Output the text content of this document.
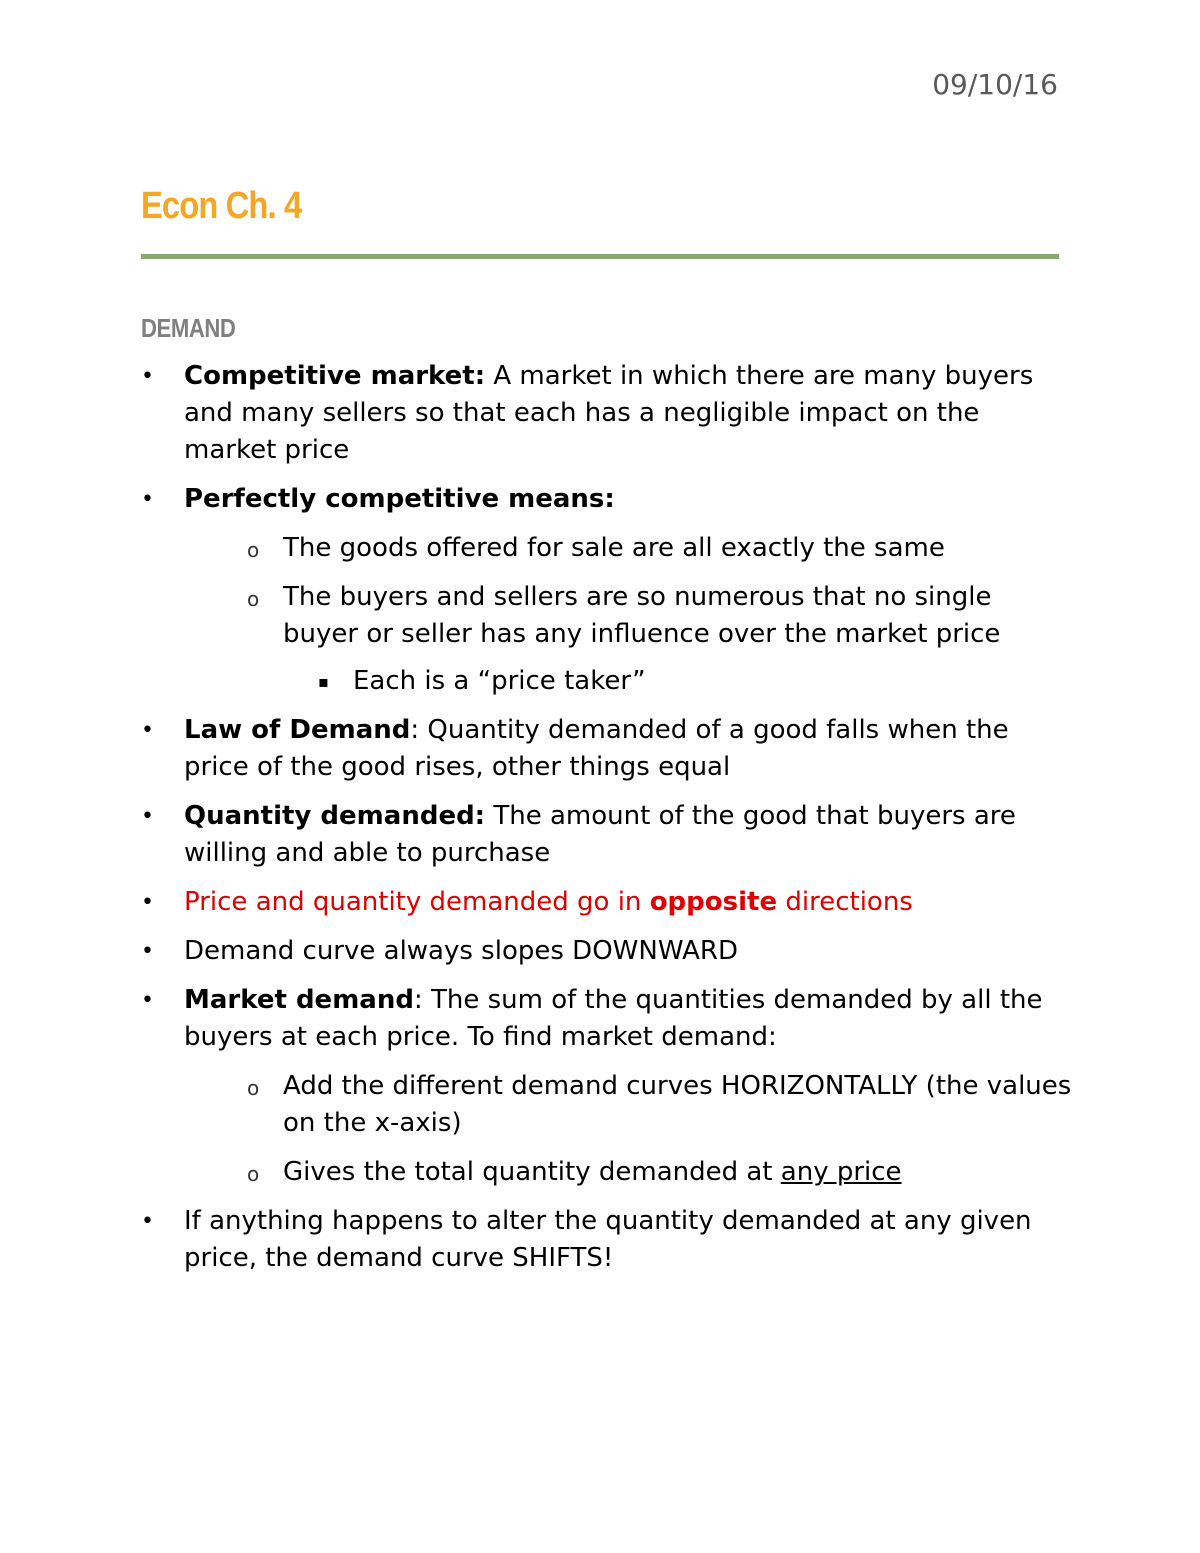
09/10/16
Econ Ch. 4
DEMAND
• Competitive market: A market in which there are many buyers and many sellers so that each has a negligible impact on the market price
• Perfectly competitive means:
o The goods offered for sale are all exactly the same
o The buyers and sellers are so numerous that no single buyer or seller has any influence over the market price
▪ Each is a “price taker”
• Law of Demand: Quantity demanded of a good falls when the price of the good rises, other things equal
• Quantity demanded: The amount of the good that buyers are willing and able to purchase
• Price and quantity demanded go in opposite directions
• Demand curve always slopes DOWNWARD
• Market demand: The sum of the quantities demanded by all the buyers at each price. To find market demand:
o Add the different demand curves HORIZONTALLY (the values on the x-axis)
o Gives the total quantity demanded at any price
• If anything happens to alter the quantity demanded at any given price, the demand curve SHIFTS!
